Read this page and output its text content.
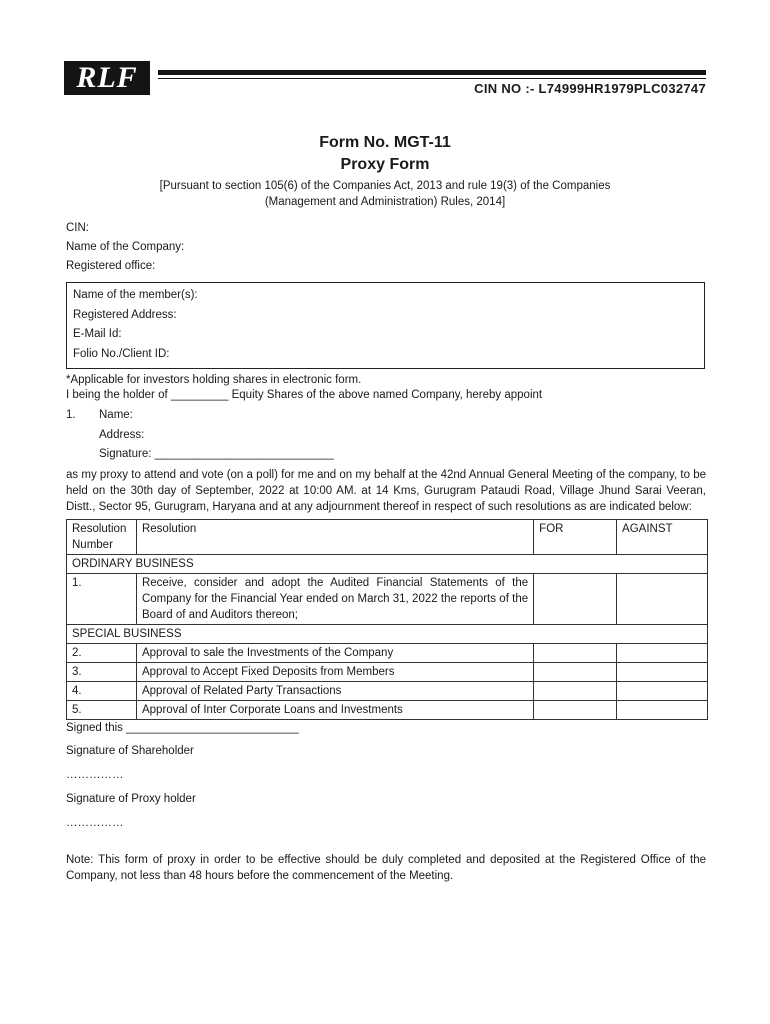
RLF	CIN NO :- L74999HR1979PLC032747
Form No. MGT-11
Proxy Form
[Pursuant to section 105(6) of the Companies Act, 2013 and rule 19(3) of the Companies
(Management and Administration) Rules, 2014]
CIN:
Name of the Company:
Registered office:
Name of the member(s):
Registered Address:
E-Mail Id:
Folio No./Client ID:
*Applicable for investors holding shares in electronic form.
I being the holder of _________ Equity Shares of the above named Company, hereby appoint
1. Name:
Address:
Signature: ____________________________
as my proxy to attend and vote (on a poll) for me and on my behalf at the 42nd Annual General Meeting of the company, to be held on the 30th day of September, 2022 at 10:00 AM. at 14 Kms, Gurugram Pataudi Road, Village Jhund Sarai Veeran, Distt., Sector 95, Gurugram, Haryana and at any adjournment thereof in respect of such resolutions as are indicated below:
Resolution Number	Resolution	FOR	AGAINST
ORDINARY BUSINESS			
1.	Receive, consider and adopt the Audited Financial Statements of the Company for the Financial Year ended on March 31, 2022 the reports of the Board of and Auditors thereon;		
SPECIAL BUSINESS			
2.	Approval to sale the Investments of the Company		
3.	Approval to Accept Fixed Deposits from Members		
4.	Approval of Related Party Transactions		
5.	Approval of Inter Corporate Loans and Investments		
Signed this ___________________________
Signature of Shareholder
……………
Signature of Proxy holder
……………
Note: This form of proxy in order to be effective should be duly completed and deposited at the Registered Office of the Company, not less than 48 hours before the commencement of the Meeting.
